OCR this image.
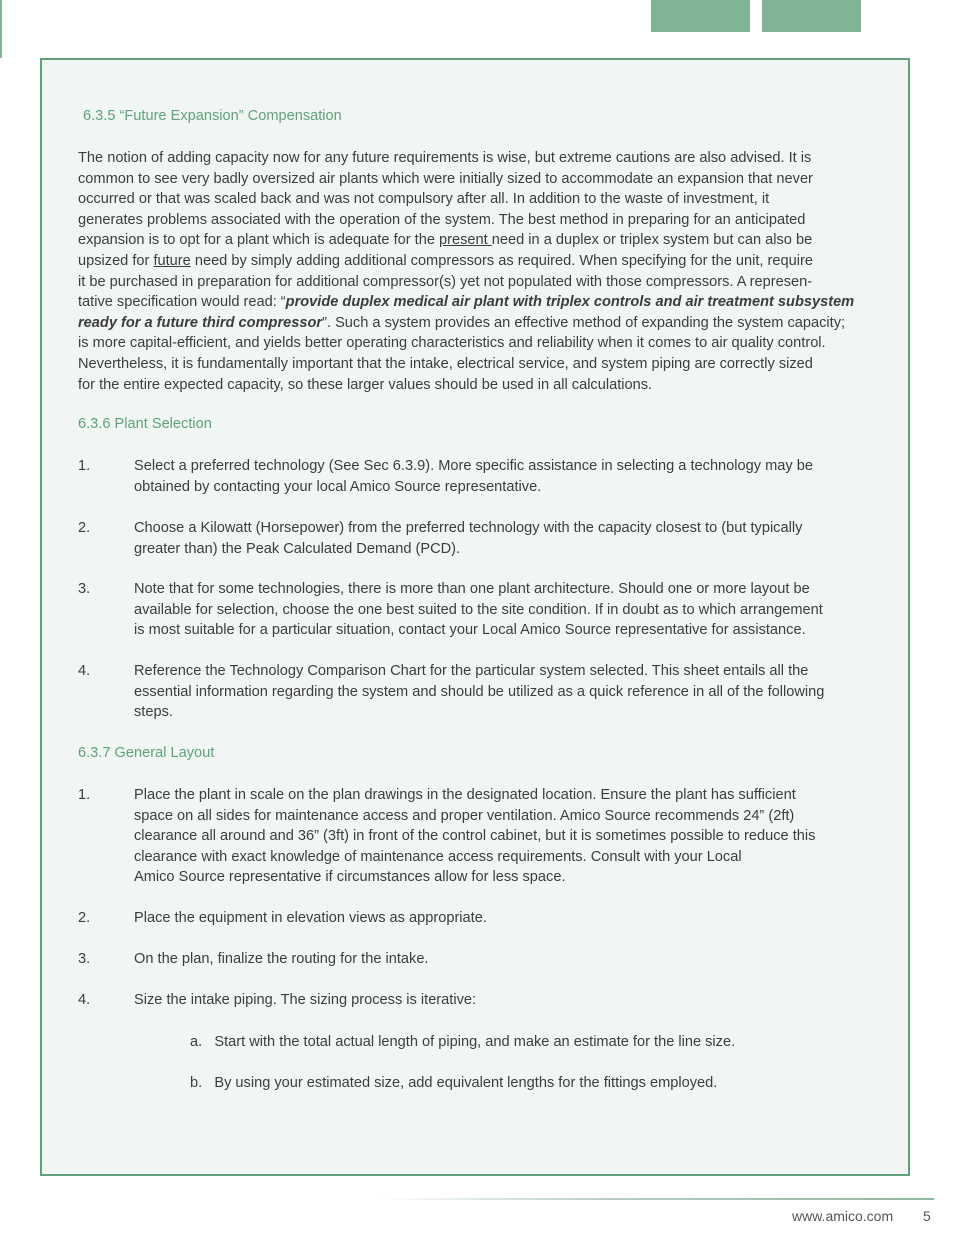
6.3.5 “Future Expansion” Compensation
The notion of adding capacity now for any future requirements is wise, but extreme cautions are also advised. It is
common to see very badly oversized air plants which were initially sized to accommodate an expansion that never
occurred or that was scaled back and was not compulsory after all. In addition to the waste of investment, it
generates problems associated with the operation of the system. The best method in preparing for an anticipated
expansion is to opt for a plant which is adequate for the present need in a duplex or triplex system but can also be
upsized for future need by simply adding additional compressors as required. When specifying for the unit, require
it be purchased in preparation for additional compressor(s) yet not populated with those compressors. A represen-
tative specification would read: “provide duplex medical air plant with triplex controls and air treatment subsystem
ready for a future third compressor”. Such a system provides an effective method of expanding the system capacity;
is more capital-efficient, and yields better operating characteristics and reliability when it comes to air quality control.
Nevertheless, it is fundamentally important that the intake, electrical service, and system piping are correctly sized
for the entire expected capacity, so these larger values should be used in all calculations.
6.3.6 Plant Selection
1.	Select a preferred technology (See Sec 6.3.9). More specific assistance in selecting a technology may be
obtained by contacting your local Amico Source representative.
2.	Choose a Kilowatt (Horsepower) from the preferred technology with the capacity closest to (but typically
greater than) the Peak Calculated Demand (PCD).
3.	Note that for some technologies, there is more than one plant architecture. Should one or more layout be
available for selection, choose the one best suited to the site condition. If in doubt as to which arrangement
is most suitable for a particular situation, contact your Local Amico Source representative for assistance.
4.	Reference the Technology Comparison Chart for the particular system selected. This sheet entails all the
essential information regarding the system and should be utilized as a quick reference in all of the following
steps.
6.3.7 General Layout
1.	Place the plant in scale on the plan drawings in the designated location. Ensure the plant has sufficient
space on all sides for maintenance access and proper ventilation. Amico Source recommends 24” (2ft)
clearance all around and 36” (3ft) in front of the control cabinet, but it is sometimes possible to reduce this
clearance with exact knowledge of maintenance access requirements. Consult with your Local
Amico Source representative if circumstances allow for less space.
2.	Place the equipment in elevation views as appropriate.
3.	On the plan, finalize the routing for the intake.
4.	Size the intake piping. The sizing process is iterative:
a.   Start with the total actual length of piping, and make an estimate for the line size.
b.   By using your estimated size, add equivalent lengths for the fittings employed.
www.amico.com 5
